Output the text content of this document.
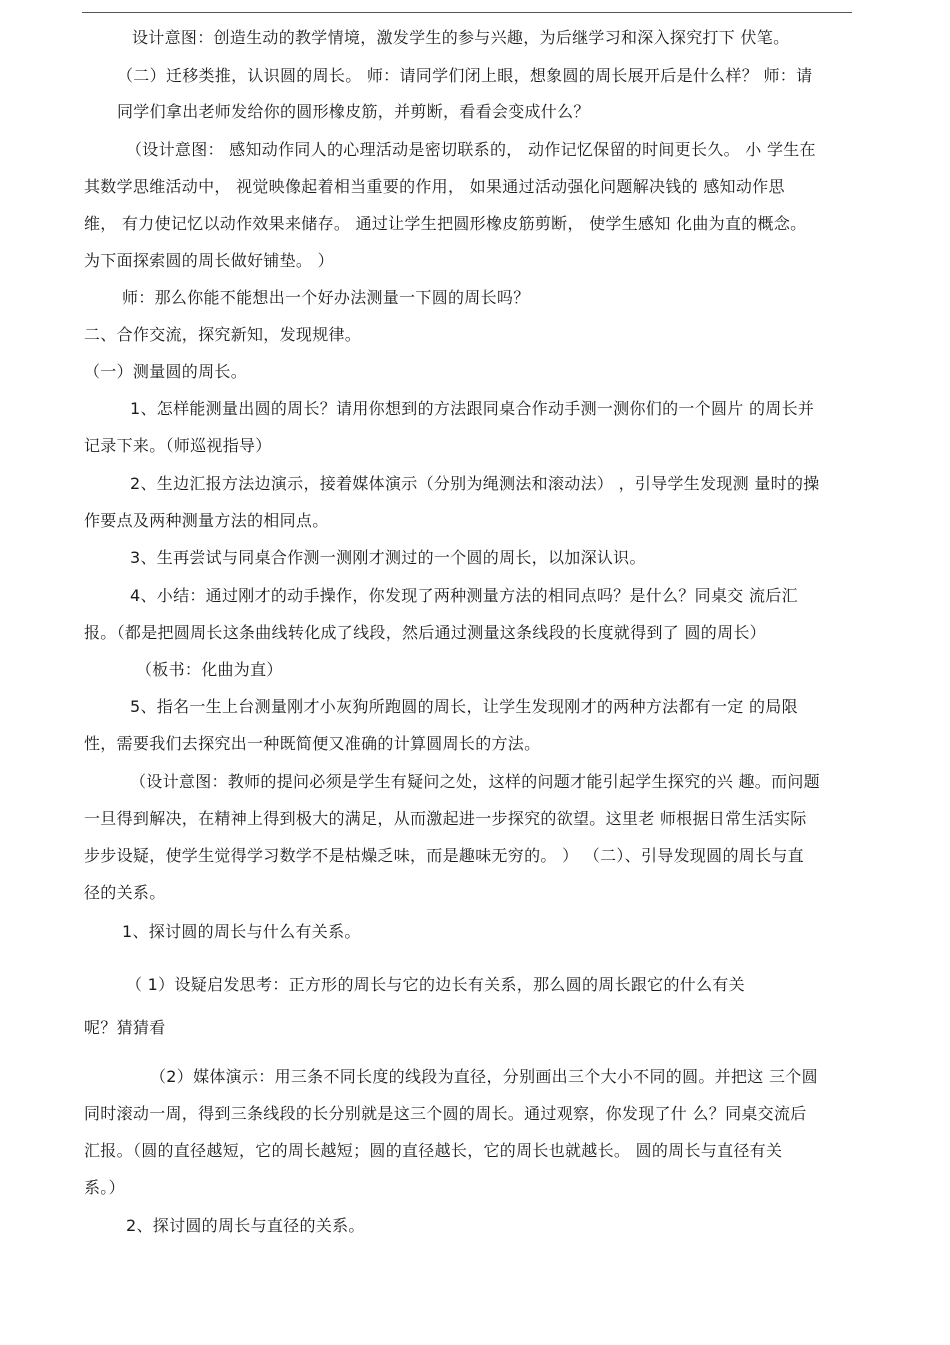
设计意图：创造生动的教学情境，激发学生的参与兴趣，为后继学习和深入探究打下 伏笔。
（二）迁移类推，认识圆的周长。 师：请同学们闭上眼，想象圆的周长展开后是什么样？ 师：请
同学们拿出老师发给你的圆形橡皮筋，并剪断，看看会变成什么？
（设计意图： 感知动作同人的心理活动是密切联系的， 动作记忆保留的时间更长久。 小 学生在
其数学思维活动中， 视觉映像起着相当重要的作用， 如果通过活动强化问题解决钱的 感知动作思
维， 有力使记忆以动作效果来储存。 通过让学生把圆形橡皮筋剪断， 使学生感知 化曲为直的概念。
为下面探索圆的周长做好铺垫。 ）
师：那么你能不能想出一个好办法测量一下圆的周长吗？
二、合作交流，探究新知，发现规律。
（一）测量圆的周长。
1、怎样能测量出圆的周长？请用你想到的方法跟同桌合作动手测一测你们的一个圆片 的周长并
记录下来。（师巡视指导）
2、生边汇报方法边演示，接着媒体演示（分别为绳测法和滚动法） ，引导学生发现测 量时的操
作要点及两种测量方法的相同点。
3、生再尝试与同桌合作测一测刚才测过的一个圆的周长，以加深认识。
4、小结：通过刚才的动手操作，你发现了两种测量方法的相同点吗？是什么？同桌交 流后汇
报。（都是把圆周长这条曲线转化成了线段，然后通过测量这条线段的长度就得到了 圆的周长）
（板书：化曲为直）
5、指名一生上台测量刚才小灰狗所跑圆的周长，让学生发现刚才的两种方法都有一定 的局限
性，需要我们去探究出一种既简便又准确的计算圆周长的方法。
（设计意图：教师的提问必须是学生有疑问之处，这样的问题才能引起学生探究的兴 趣。而问题
一旦得到解决，在精神上得到极大的满足，从而激起进一步探究的欲望。这里老 师根据日常生活实际
步步设疑，使学生觉得学习数学不是枯燥乏味，而是趣味无穷的。 ） （二）、引导发现圆的周长与直
径的关系。
1、探讨圆的周长与什么有关系。
（ 1）设疑启发思考：正方形的周长与它的边长有关系，那么圆的周长跟它的什么有关
呢？猜猜看
（2）媒体演示：用三条不同长度的线段为直径，分别画出三个大小不同的圆。并把这 三个圆
同时滚动一周，得到三条线段的长分别就是这三个圆的周长。通过观察，你发现了什 么？同桌交流后
汇报。（圆的直径越短，它的周长越短；圆的直径越长，它的周长也就越长。 圆的周长与直径有关
系。）
2、探讨圆的周长与直径的关系。
